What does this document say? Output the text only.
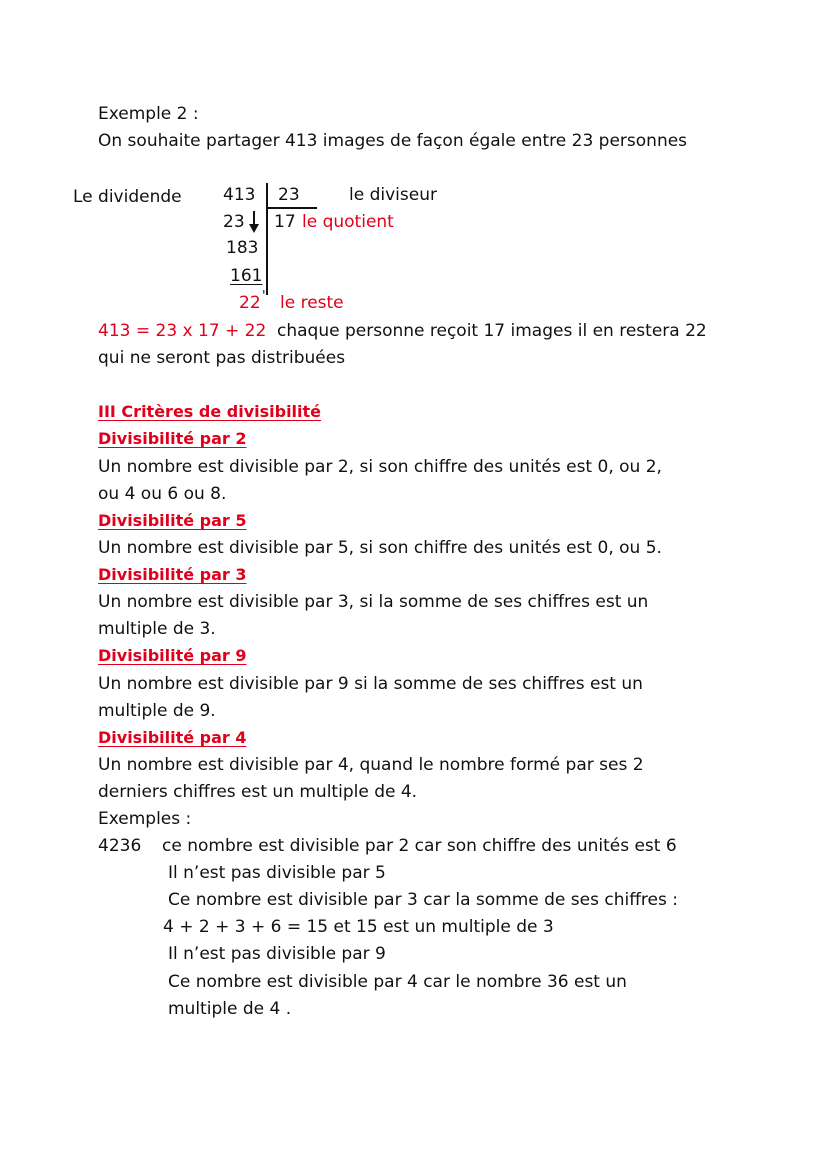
Exemple 2 :
On souhaite partager 413 images de façon égale entre 23 personnes
Le dividende 413 23	le diviseur
23 17 le quotient
183
161
22 ' le reste
413 = 23 x 17 + 22 chaque personne reçoit 17 images il en restera 22
qui ne seront pas distribuées
III Critères de divisibilité
Divisibilité par 2
Un nombre est divisible par 2, si son chiffre des unités est 0, ou 2,
ou 4 ou 6 ou 8.
Divisibilité par 5
Un nombre est divisible par 5, si son chiffre des unités est 0, ou 5.
Divisibilité par 3
Un nombre est divisible par 3, si la somme de ses chiffres est un
multiple de 3.
Divisibilité par 9
Un nombre est divisible par 9 si la somme de ses chiffres est un
multiple de 9.
Divisibilité par 4
Un nombre est divisible par 4, quand le nombre formé par ses 2
derniers chiffres est un multiple de 4.
Exemples :
4236 ce nombre est divisible par 2 car son chiffre des unités est 6
Il n’est pas divisible par 5
Ce nombre est divisible par 3 car la somme de ses chiffres :
4 + 2 + 3 + 6 = 15 et 15 est un multiple de 3
Il n’est pas divisible par 9
Ce nombre est divisible par 4 car le nombre 36 est un
multiple de 4 .
